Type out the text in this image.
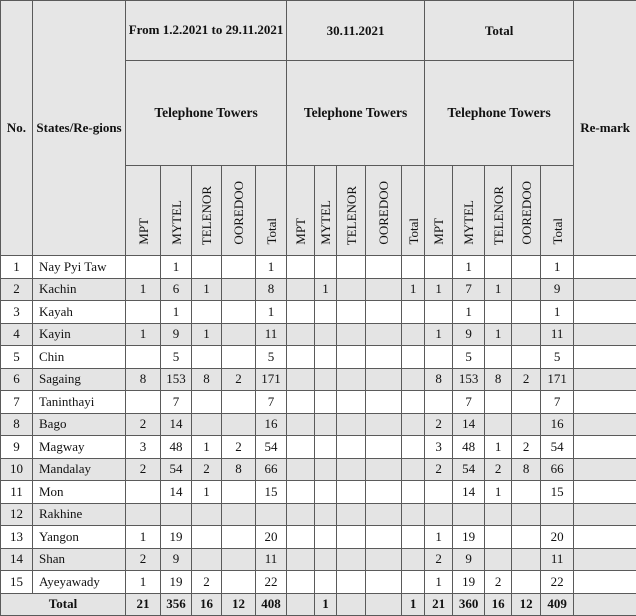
No.	States/Re-gions	From 1.2.2021 to 29.11.2021					30.11.2021					Total					Re-mark
		Telephone Towers					Telephone Towers					Telephone Towers					
		MPT	MYTEL	TELENOR	OOREDOO	Total	MPT	MYTEL	TELENOR	OOREDOO	Total	MPT	MYTEL	TELENOR	OOREDOO	Total	
1	Nay Pyi Taw		1			1							1			1	
2	Kachin	1	6	1		8		1			1	1	7	1		9	
3	Kayah		1			1							1			1	
4	Kayin	1	9	1		11						1	9	1		11	
5	Chin		5			5							5			5	
6	Sagaing	8	153	8	2	171						8	153	8	2	171	
7	Taninthayi		7			7							7			7	
8	Bago	2	14			16						2	14			16	
9	Magway	3	48	1	2	54						3	48	1	2	54	
10	Mandalay	2	54	2	8	66						2	54	2	8	66	
11	Mon		14	1		15							14	1		15	
12	Rakhine																
13	Yangon	1	19			20						1	19			20	
14	Shan	2	9			11						2	9			11	
15	Ayeyawady	1	19	2		22						1	19	2		22	
Total		21	356	16	12	408		1			1	21	360	16	12	409	
